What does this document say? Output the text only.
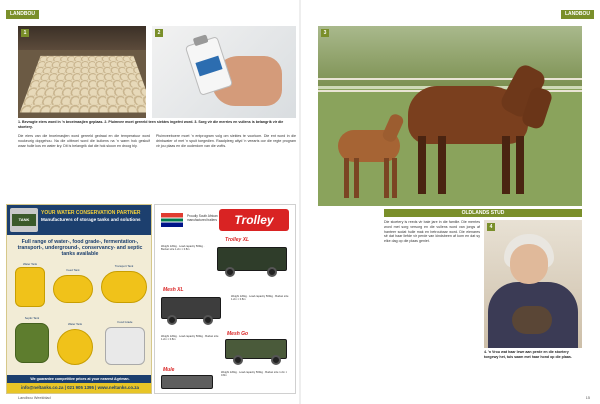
LANDBOU	LANDBOU
1	2	3
1. Bevrugte eiers word in 'n broeimasjien geplaas. 2. Pluimvee moet gereeld teen siektes ingeënt word. 3. Sorg vir die merries en vullens is belangrik vir die stoetery.
Die eiers van die broeimasjien word gereeld gedraai en die temperatuur word noukeurig dopgehou. Na die uitbroei word die kuikens na 'n warm hok geskuif waar hulle kos en water kry. Dit is belangrik dat die hok skoon en droog bly.
Pluimveeboere moet 'n entprogram volg om siektes te voorkom. Die ent word in die drinkwater of met 'n spuit toegedien. Raadpleeg altyd 'n veearts oor die regte program vir jou plaas en die ouderdom van die voëls.
TANK
YOUR WATER CONSERVATION PARTNER
Manufacturers of storage tanks and solutions
Full range of water-, food grade-, fermentation-, transport-, underground-, conservancy- and septic tanks available
Water Tank
Feed Tank
Transport Tank
Septic Tank
Water Tank	Food Grade
We guarantee competitive prices at your nearest Agriman.
info@neltanks.co.za | 021 905 1395 | www.neltanks.co.za
Proudly South African manufactured trailers	Trolley
Trolley XL
Weight 120kg · Load capacity 500kg · Bucket size 1.2m × 0.8m
Mesh XL
Weight 120kg · Load capacity 500kg · Bucket size 1.2m × 0.8m
Mesh Go
Weight 120kg · Load capacity 500kg · Bucket size 1.2m × 0.8m
Mule	Weight 120kg · Load capacity 500kg · Bucket size 1.2m × 0.8m
OLDLANDS STUD
Die stoetery is reeds vir baie jare in die familie. Die merries word met sorg versorg en die vullens word van jongs af hanteer sodat hulle mak en betroubaar word. Die eienares sê dat haar liefde vir perde van kindsbeen af kom en dat sy elke dag op die plaas geniet.
4
4. 'n Vrou wat haar lewe aan perde en die stoetery toegewy het, tuis saam met haar hond op die plaas.
Landbou Weekblad	15
